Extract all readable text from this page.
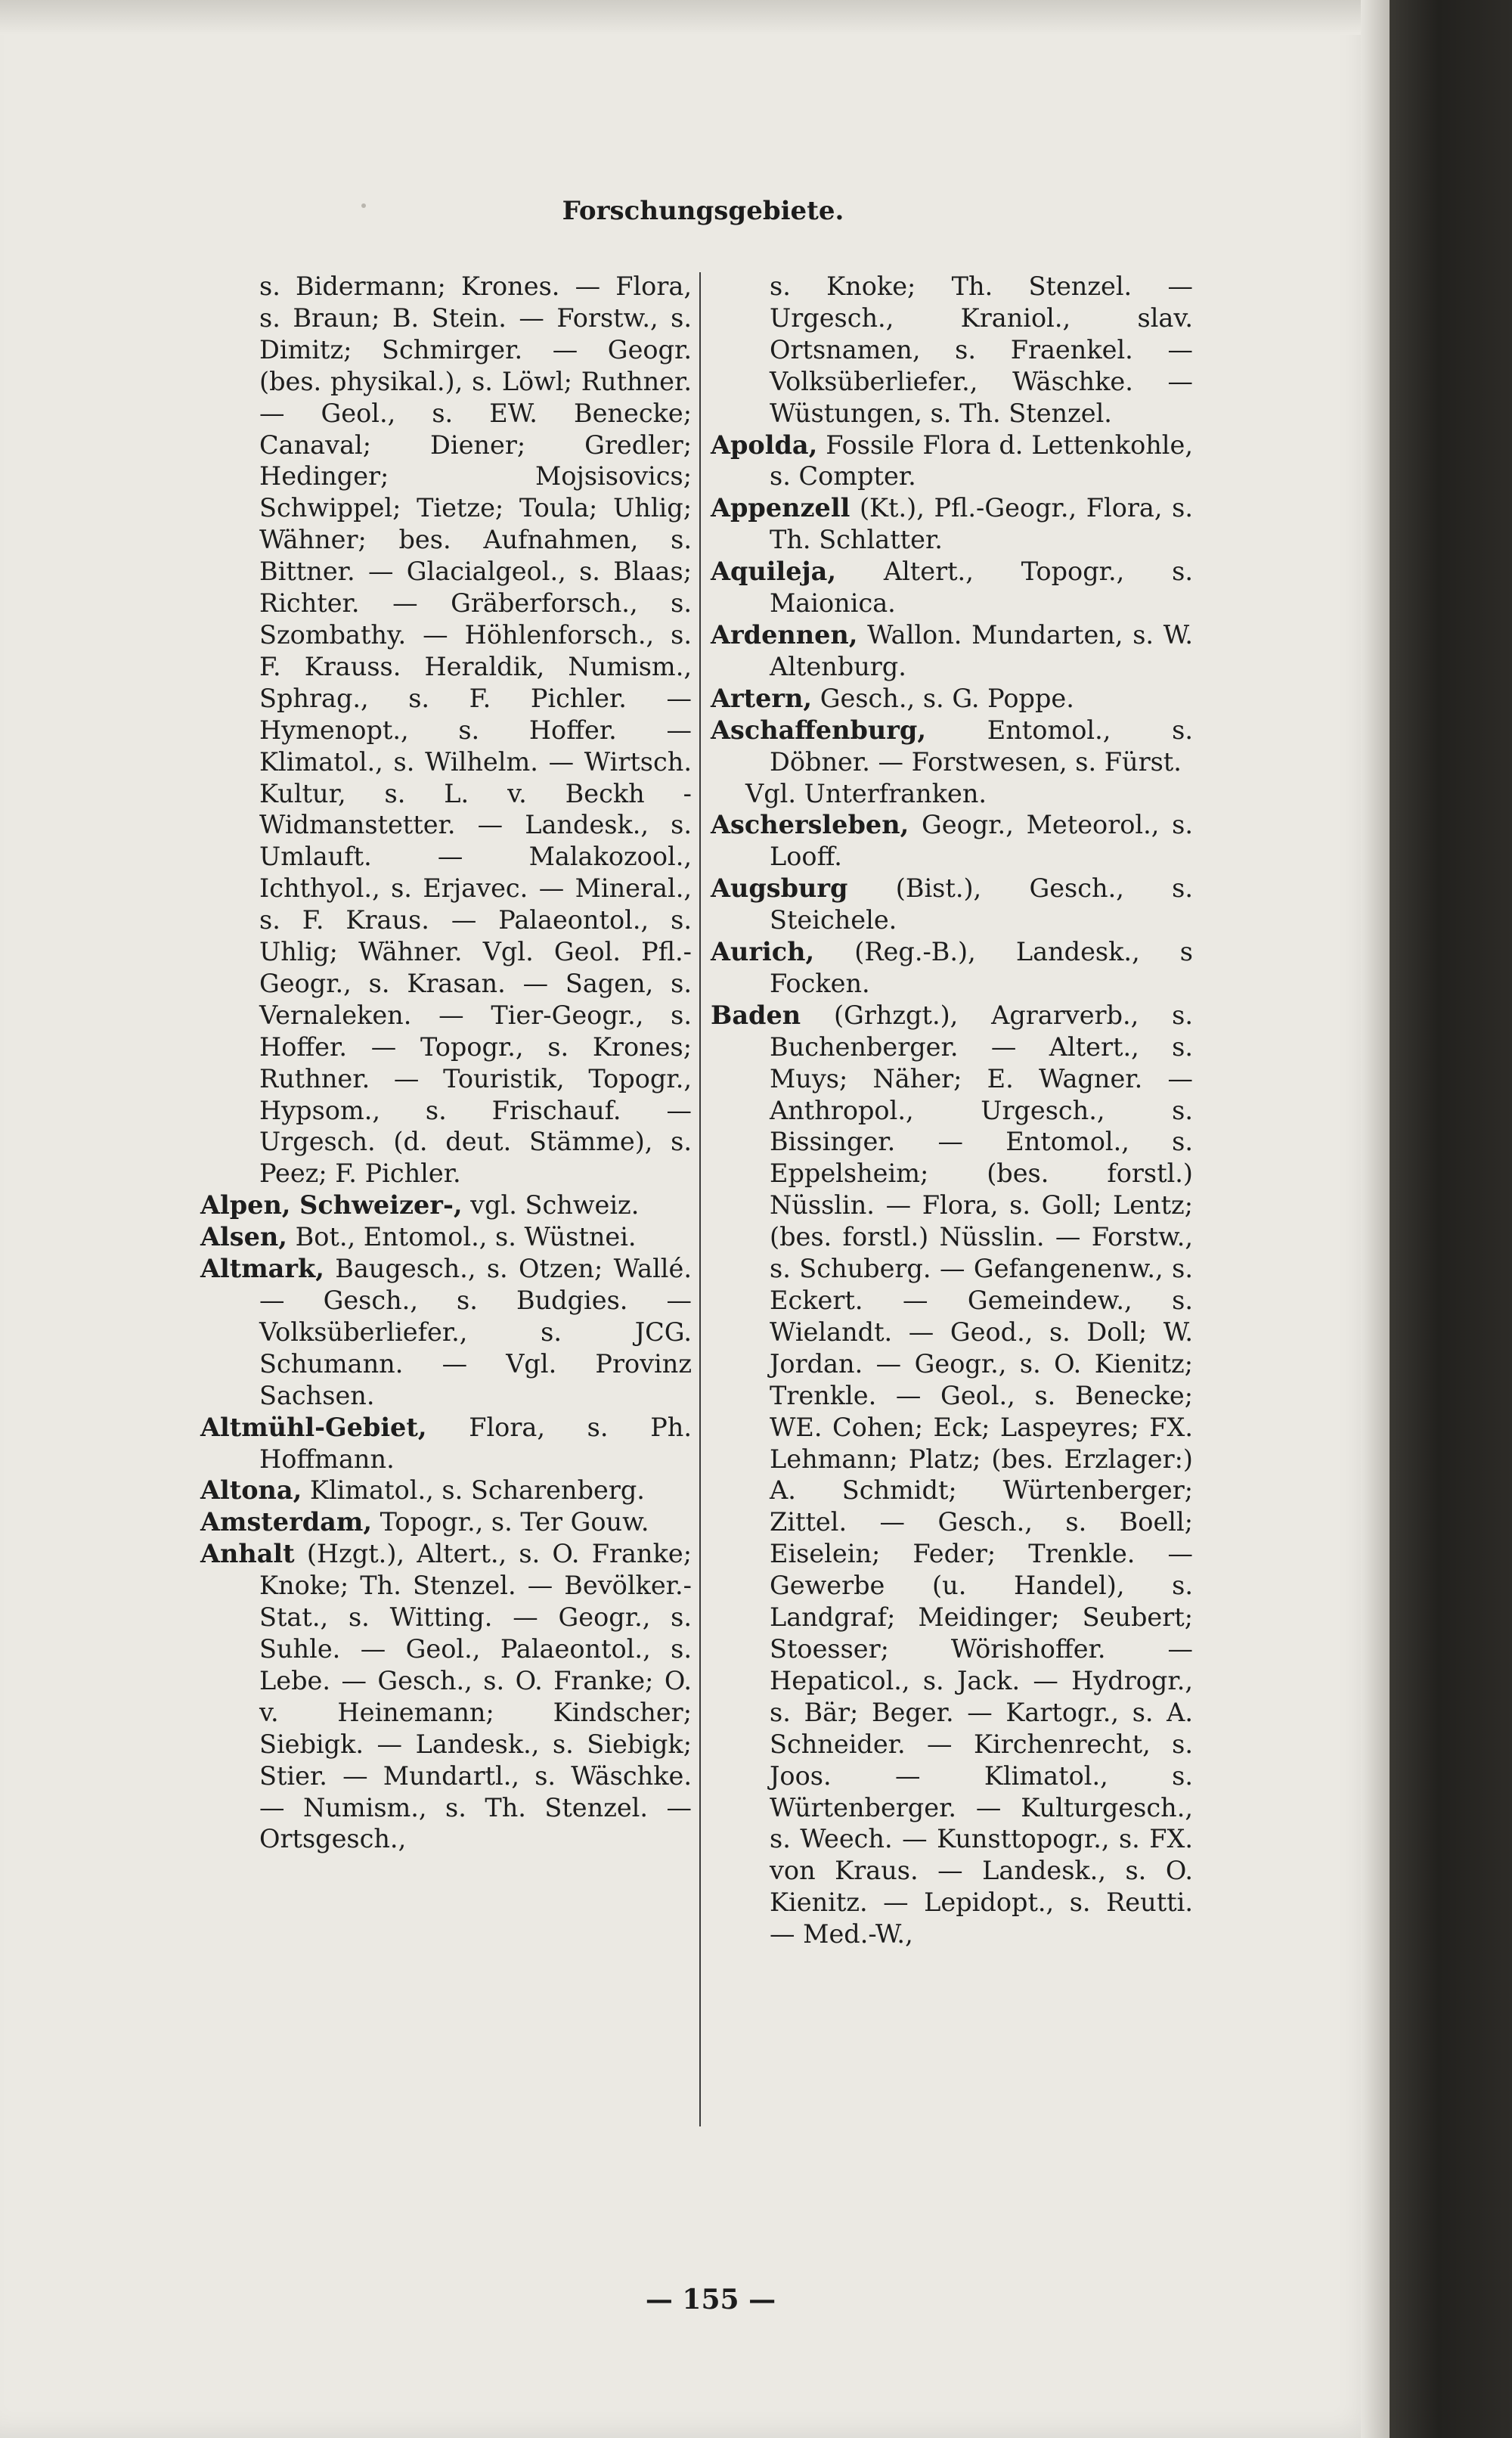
Forschungsgebiete.

s. Bidermann; Krones. — Flora, s. Braun; B. Stein. — Forstw., s. Dimitz; Schmirger. — Geogr. (bes. physikal.), s. Löwl; Ruthner. — Geol., s. EW. Benecke; Canaval; Diener; Gredler; Hedinger; Mojsisovics; Schwippel; Tietze; Toula; Uhlig; Wähner; bes. Aufnahmen, s. Bittner. — Glacialgeol., s. Blaas; Richter. — Gräberforsch., s. Szombathy. — Höhlenforsch., s. F. Krauss. Heraldik, Numism., Sphrag., s. F. Pichler. — Hymenopt., s. Hoffer. — Klimatol., s. Wilhelm. — Wirtsch. Kultur, s. L. v. Beckh - Widmanstetter. — Landesk., s. Umlauft. — Malakozool., Ichthyol., s. Erjavec. — Mineral., s. F. Kraus. — Palaeontol., s. Uhlig; Wähner. Vgl. Geol. Pfl.-Geogr., s. Krasan. — Sagen, s. Vernaleken. — Tier-Geogr., s. Hoffer. — Topogr., s. Krones; Ruthner. — Touristik, Topogr., Hypsom., s. Frischauf. — Urgesch. (d. deut. Stämme), s. Peez; F. Pichler.

Alpen, Schweizer-, vgl. Schweiz.

Alsen, Bot., Entomol., s. Wüstnei.

Altmark, Baugesch., s. Otzen; Wallé. — Gesch., s. Budgies. — Volksüberliefer., s. JCG. Schumann. — Vgl. Provinz Sachsen.

Altmühl-Gebiet, Flora, s. Ph. Hoffmann.

Altona, Klimatol., s. Scharenberg.

Amsterdam, Topogr., s. Ter Gouw.

Anhalt (Hzgt.), Altert., s. O. Franke; Knoke; Th. Stenzel. — Bevölker.-Stat., s. Witting. — Geogr., s. Suhle. — Geol., Palaeontol., s. Lebe. — Gesch., s. O. Franke; O. v. Heinemann; Kindscher; Siebigk. — Landesk., s. Siebigk; Stier. — Mundartl., s. Wäschke. — Numism., s. Th. Stenzel. — Ortsgesch.,

s. Knoke; Th. Stenzel. — Urgesch., Kraniol., slav. Ortsnamen, s. Fraenkel. — Volksüberliefer., Wäschke. — Wüstungen, s. Th. Stenzel.

Apolda, Fossile Flora d. Lettenkohle, s. Compter.

Appenzell (Kt.), Pfl.-Geogr., Flora, s. Th. Schlatter.

Aquileja, Altert., Topogr., s. Maionica.

Ardennen, Wallon. Mundarten, s. W. Altenburg.

Artern, Gesch., s. G. Poppe.

Aschaffenburg, Entomol., s. Döbner. — Forstwesen, s. Fürst.

Vgl. Unterfranken.

Aschersleben, Geogr., Meteorol., s. Looff.

Augsburg (Bist.), Gesch., s. Steichele.

Aurich, (Reg.-B.), Landesk., s Focken.

Baden (Grhzgt.), Agrarverb., s. Buchenberger. — Altert., s. Muys; Näher; E. Wagner. — Anthropol., Urgesch., s. Bissinger. — Entomol., s. Eppelsheim; (bes. forstl.) Nüsslin. — Flora, s. Goll; Lentz; (bes. forstl.) Nüsslin. — Forstw., s. Schuberg. — Gefangenenw., s. Eckert. — Gemeindew., s. Wielandt. — Geod., s. Doll; W. Jordan. — Geogr., s. O. Kienitz; Trenkle. — Geol., s. Benecke; WE. Cohen; Eck; Laspeyres; FX. Lehmann; Platz; (bes. Erzlager:) A. Schmidt; Würtenberger; Zittel. — Gesch., s. Boell; Eiselein; Feder; Trenkle. — Gewerbe (u. Handel), s. Landgraf; Meidinger; Seubert; Stoesser; Wörishoffer. — Hepaticol., s. Jack. — Hydrogr., s. Bär; Beger. — Kartogr., s. A. Schneider. — Kirchenrecht, s. Joos. — Klimatol., s. Würtenberger. — Kulturgesch., s. Weech. — Kunsttopogr., s. FX. von Kraus. — Landesk., s. O. Kienitz. — Lepidopt., s. Reutti. — Med.-W.,

— 155 —
